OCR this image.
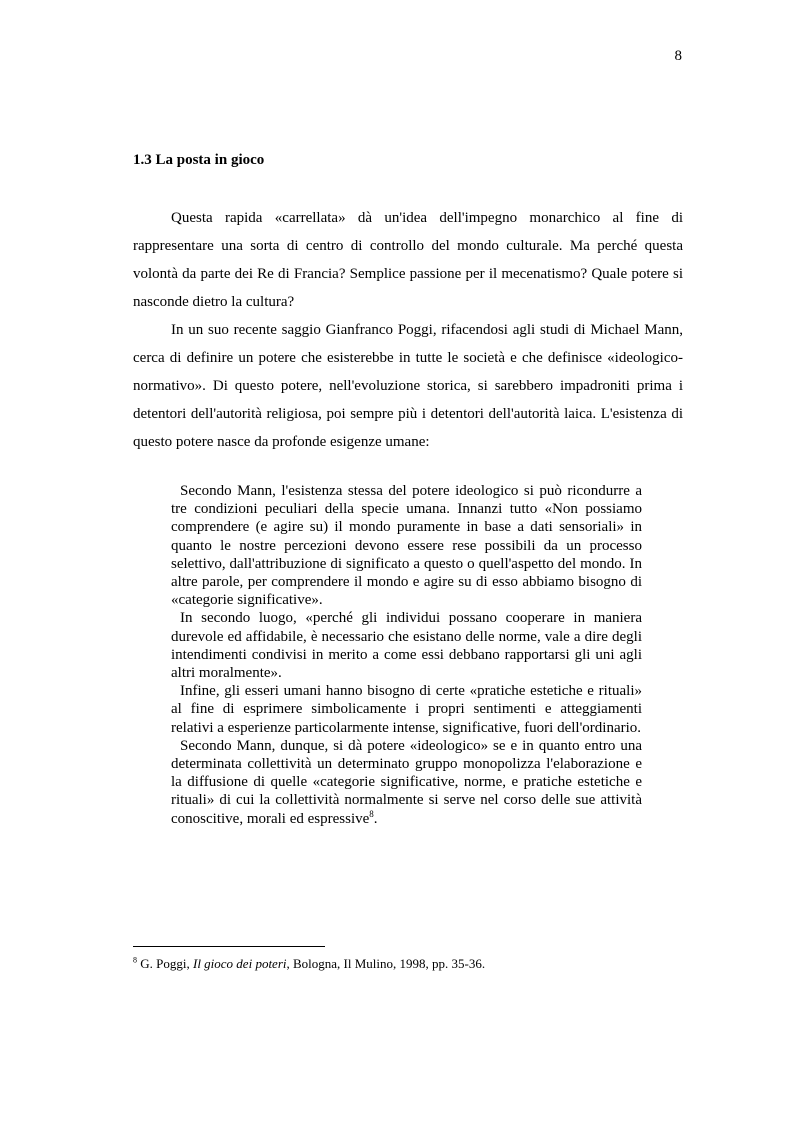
8
1.3 La posta in gioco

Questa rapida «carrellata» dà un'idea dell'impegno monarchico al fine di rappresentare una sorta di centro di controllo del mondo culturale. Ma perché questa volontà da parte dei Re di Francia? Semplice passione per il mecenatismo? Quale potere si nasconde dietro la cultura?

In un suo recente saggio Gianfranco Poggi, rifacendosi agli studi di Michael Mann, cerca di definire un potere che esisterebbe in tutte le società e che definisce «ideologico-normativo». Di questo potere, nell'evoluzione storica, si sarebbero impadroniti prima i detentori dell'autorità religiosa, poi sempre più i detentori dell'autorità laica. L'esistenza di questo potere nasce da profonde esigenze umane:

Secondo Mann, l'esistenza stessa del potere ideologico si può ricondurre a tre condizioni peculiari della specie umana. Innanzi tutto «Non possiamo comprendere (e agire su) il mondo puramente in base a dati sensoriali» in quanto le nostre percezioni devono essere rese possibili da un processo selettivo, dall'attribuzione di significato a questo o quell'aspetto del mondo. In altre parole, per comprendere il mondo e agire su di esso abbiamo bisogno di «categorie significative».

In secondo luogo, «perché gli individui possano cooperare in maniera durevole ed affidabile, è necessario che esistano delle norme, vale a dire degli intendimenti condivisi in merito a come essi debbano rapportarsi gli uni agli altri moralmente».

Infine, gli esseri umani hanno bisogno di certe «pratiche estetiche e rituali» al fine di esprimere simbolicamente i propri sentimenti e atteggiamenti relativi a esperienze particolarmente intense, significative, fuori dell'ordinario.

Secondo Mann, dunque, si dà potere «ideologico» se e in quanto entro una determinata collettività un determinato gruppo monopolizza l'elaborazione e la diffusione di quelle «categorie significative, norme, e pratiche estetiche e rituali» di cui la collettività normalmente si serve nel corso delle sue attività conoscitive, morali ed espressive$^8$.

$^8$ G. Poggi, Il gioco dei poteri, Bologna, Il Mulino, 1998, pp. 35-36.
